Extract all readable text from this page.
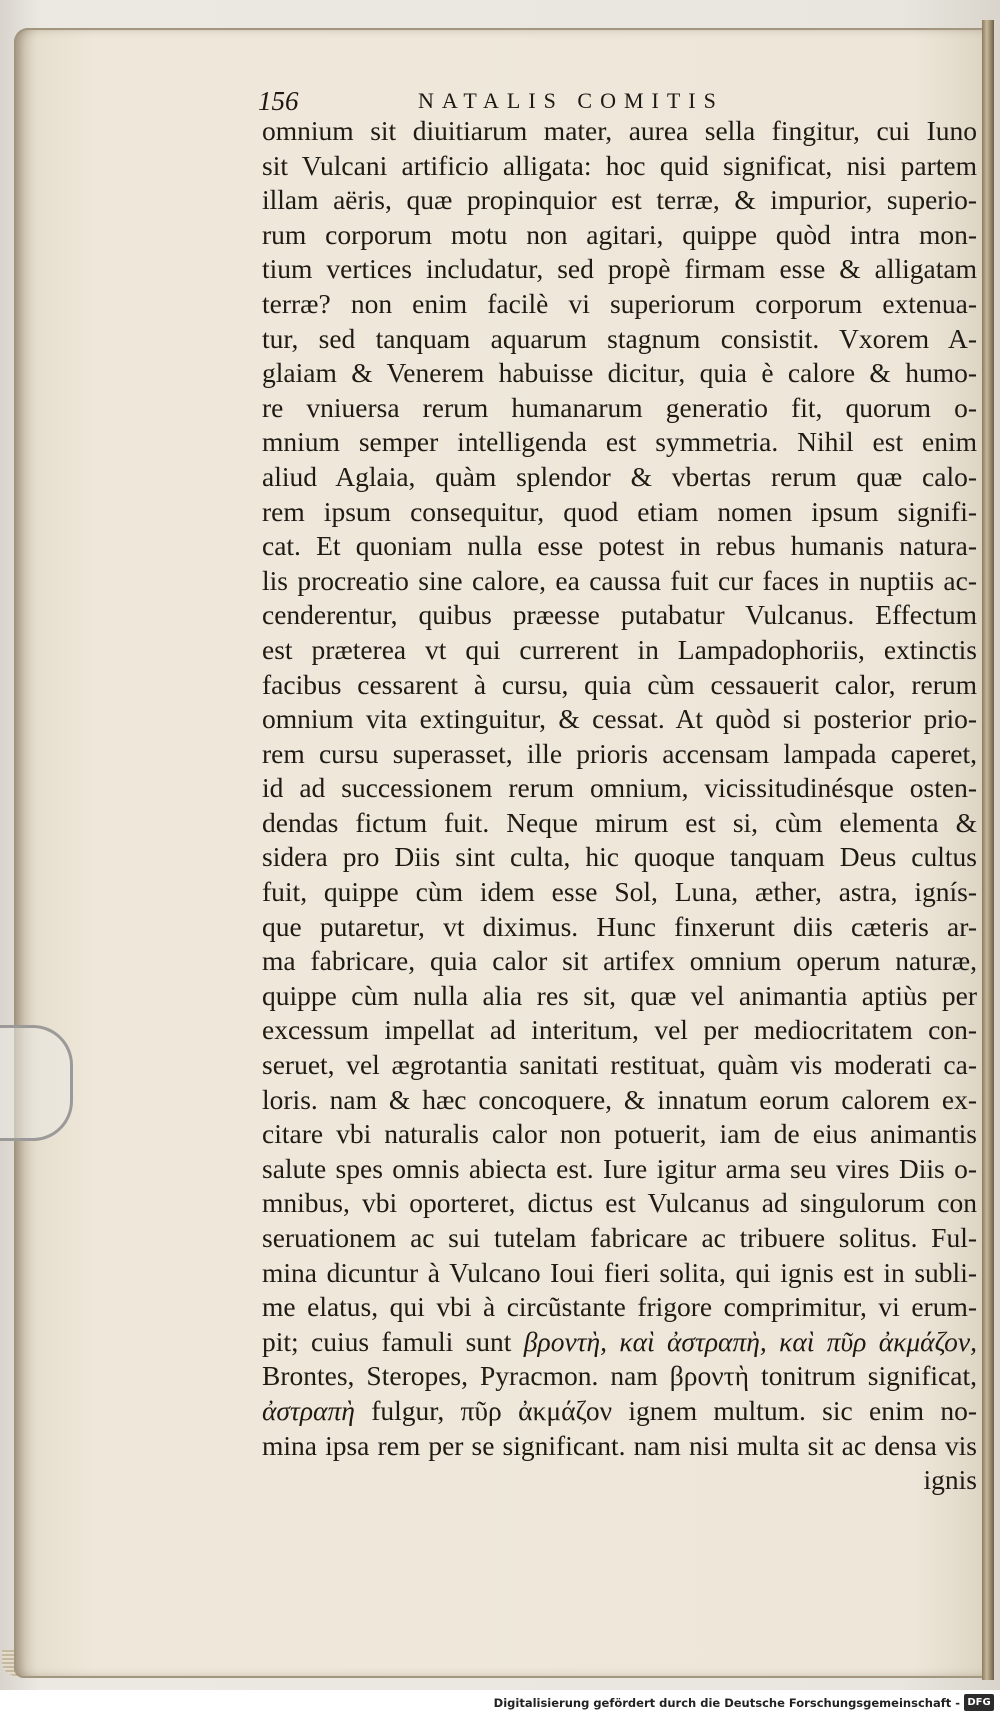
156	NATALIS COMITIS
omnium sit diuitiarum mater, aurea sella fingitur, cui Iuno
sit Vulcani artificio alligata: hoc quid significat, nisi partem
illam aëris, quæ propinquior est terræ, & impurior, superio-
rum corporum motu non agitari, quippe quòd intra mon-
tium vertices includatur, sed propè firmam esse & alligatam
terræ? non enim facilè vi superiorum corporum extenua-
tur, sed tanquam aquarum stagnum consistit. Vxorem A-
glaiam & Venerem habuisse dicitur, quia è calore & humo-
re vniuersa rerum humanarum generatio fit, quorum o-
mnium semper intelligenda est symmetria. Nihil est enim
aliud Aglaia, quàm splendor & vbertas rerum quæ calo-
rem ipsum consequitur, quod etiam nomen ipsum signifi-
cat. Et quoniam nulla esse potest in rebus humanis natura-
lis procreatio sine calore, ea caussa fuit cur faces in nuptiis ac-
cenderentur, quibus præesse putabatur Vulcanus. Effectum
est præterea vt qui currerent in Lampadophoriis, extinctis
facibus cessarent à cursu, quia cùm cessauerit calor, rerum
omnium vita extinguitur, & cessat. At quòd si posterior prio-
rem cursu superasset, ille prioris accensam lampada caperet,
id ad successionem rerum omnium, vicissitudinésque osten-
dendas fictum fuit. Neque mirum est si, cùm elementa &
sidera pro Diis sint culta, hic quoque tanquam Deus cultus
fuit, quippe cùm idem esse Sol, Luna, æther, astra, ignís-
que putaretur, vt diximus. Hunc finxerunt diis cæteris ar-
ma fabricare, quia calor sit artifex omnium operum naturæ,
quippe cùm nulla alia res sit, quæ vel animantia aptiùs per
excessum impellat ad interitum, vel per mediocritatem con-
seruet, vel ægrotantia sanitati restituat, quàm vis moderati ca-
loris. nam & hæc concoquere, & innatum eorum calorem ex-
citare vbi naturalis calor non potuerit, iam de eius animantis
salute spes omnis abiecta est. Iure igitur arma seu vires Diis o-
mnibus, vbi oporteret, dictus est Vulcanus ad singulorum con
seruationem ac sui tutelam fabricare ac tribuere solitus. Ful-
mina dicuntur à Vulcano Ioui fieri solita, qui ignis est in subli-
me elatus, qui vbi à circũstante frigore comprimitur, vi erum-
pit; cuius famuli sunt βροντὴ, καὶ ἀστραπὴ, καὶ πῦρ ἀκμάζον,
Brontes, Steropes, Pyracmon. nam βροντὴ tonitrum significat,
ἀστραπὴ fulgur, πῦρ ἀκμάζον ignem multum. sic enim no-
mina ipsa rem per se significant. nam nisi multa sit ac densa vis
ignis
Digitalisierung gefördert durch die Deutsche Forschungsgemeinschaft - DFG
